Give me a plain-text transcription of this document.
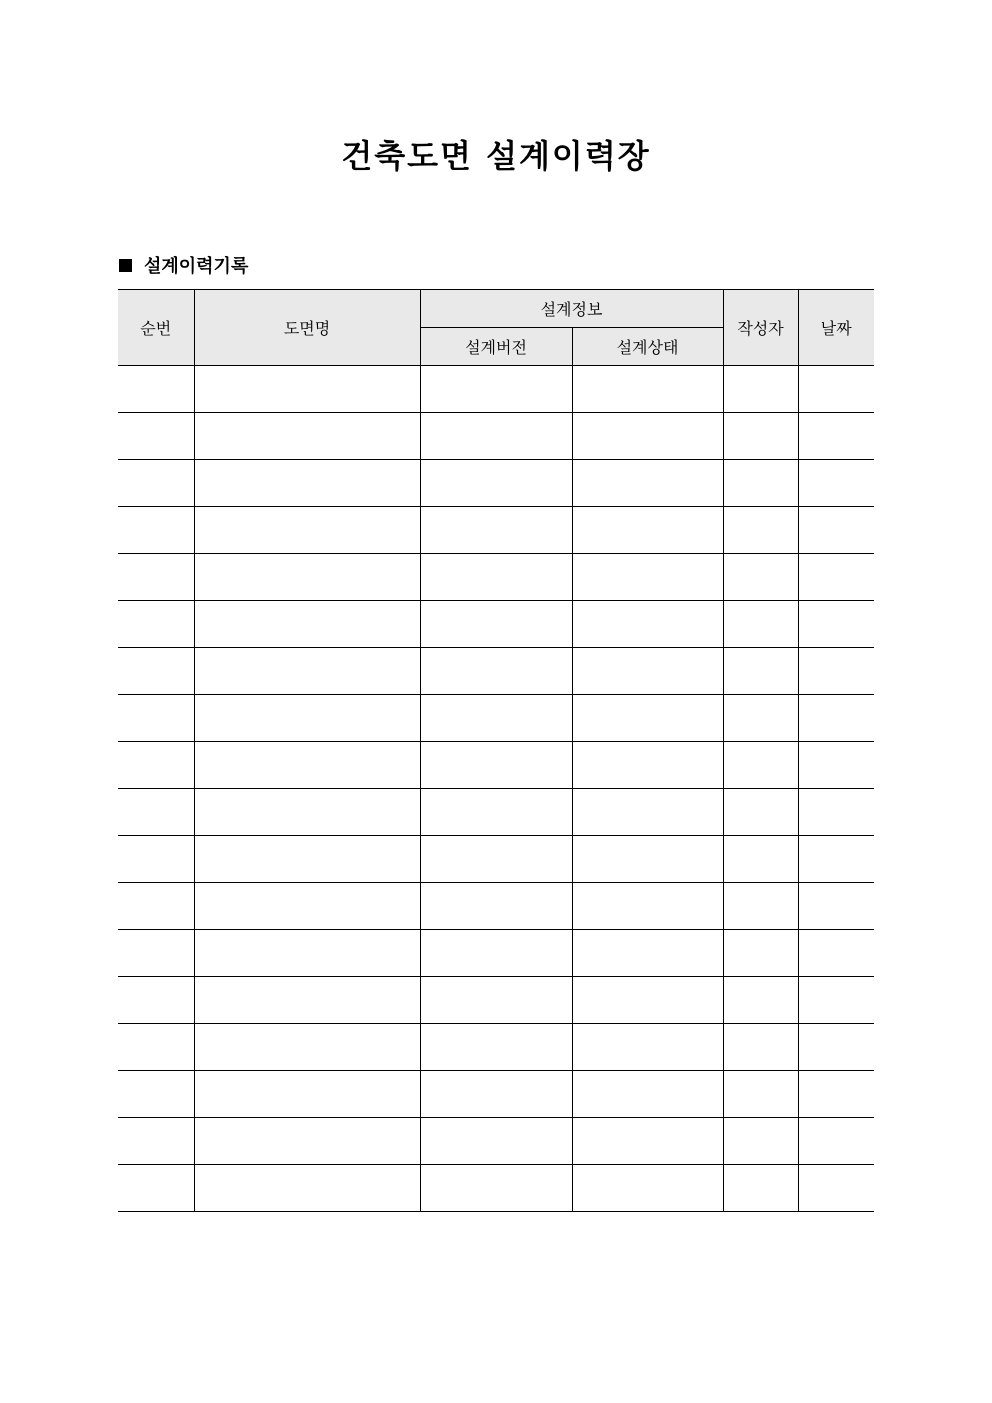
건축도면 설계이력장
설계이력기록
순번	도면명	설계정보		작성자	날짜
		설계버전	설계상태		
